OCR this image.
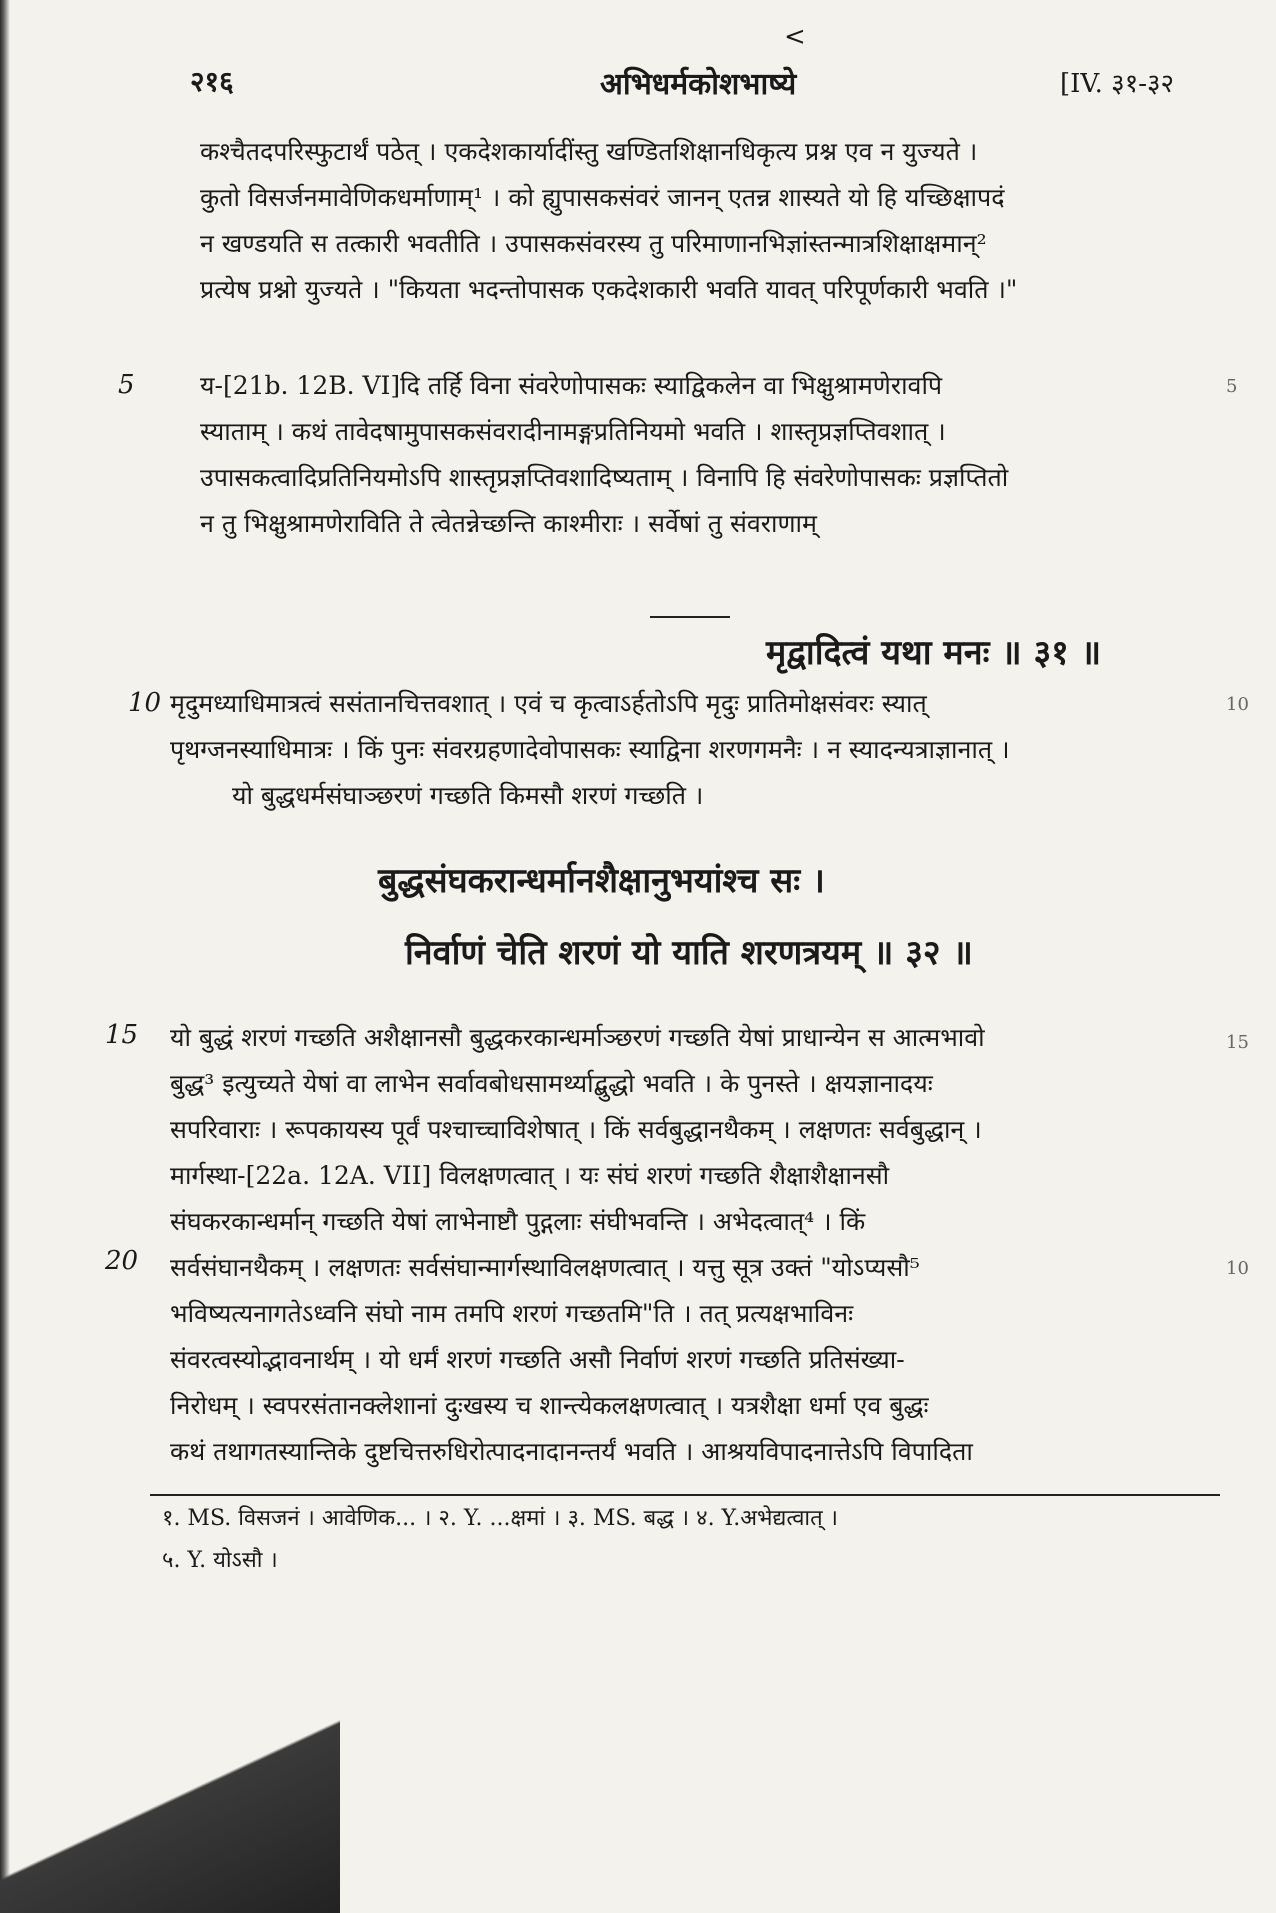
<
२१६	अभिधर्मकोशभाष्ये	[IV. ३१-३२
कश्चैतदपरिस्फुटार्थं पठेत् । एकदेशकार्यादींस्तु खण्डितशिक्षानधिकृत्य प्रश्न एव न युज्यते ।
कुतो विसर्जनमावेणिकधर्माणाम्¹ । को ह्युपासकसंवरं जानन् एतन्न शास्यते यो हि यच्छिक्षापदं
न खण्डयति स तत्कारी भवतीति । उपासकसंवरस्य तु परिमाणानभिज्ञांस्तन्मात्रशिक्षाक्षमान्²
प्रत्येष प्रश्नो युज्यते । "कियता भदन्तोपासक एकदेशकारी भवति यावत् परिपूर्णकारी भवति ।"
5	य-[21b. 12B. VI]दि तर्हि विना संवरेणोपासकः स्याद्विकलेन वा भिक्षुश्रामणेरावपि	5
स्याताम् । कथं तावेदषामुपासकसंवरादीनामङ्गप्रतिनियमो भवति । शास्तृप्रज्ञप्तिवशात् ।
उपासकत्वादिप्रतिनियमोऽपि शास्तृप्रज्ञप्तिवशादिष्यताम् । विनापि हि संवरेणोपासकः प्रज्ञप्तितो
न तु भिक्षुश्रामणेराविति ते त्वेतन्नेच्छन्ति काश्मीराः । सर्वेषां तु संवराणाम्
मृद्वादित्वं यथा मनः ॥ ३१ ॥
10 मृदुमध्याधिमात्रत्वं ससंतानचित्तवशात् । एवं च कृत्वाऽर्हतोऽपि मृदुः प्रातिमोक्षसंवरः स्यात्	10
पृथग्जनस्याधिमात्रः । किं पुनः संवरग्रहणादेवोपासकः स्याद्विना शरणगमनैः । न स्यादन्यत्राज्ञानात् ।
यो बुद्धधर्मसंघाञ्छरणं गच्छति किमसौ शरणं गच्छति ।
बुद्धसंघकरान्धर्मानशैक्षानुभयांश्च सः ।
निर्वाणं चेति शरणं यो याति शरणत्रयम् ॥ ३२ ॥
15 यो बुद्धं शरणं गच्छति अशैक्षानसौ बुद्धकरकान्धर्माञ्छरणं गच्छति येषां प्राधान्येन स आत्मभावो	15
बुद्ध³ इत्युच्यते येषां वा लाभेन सर्वावबोधसामर्थ्याद्बुद्धो भवति । के पुनस्ते । क्षयज्ञानादयः
सपरिवाराः । रूपकायस्य पूर्वं पश्चाच्चाविशेषात् । किं सर्वबुद्धानथैकम् । लक्षणतः सर्वबुद्धान् ।
मार्गस्था-[22a. 12A. VII] विलक्षणत्वात् । यः संघं शरणं गच्छति शैक्षाशैक्षानसौ
संघकरकान्धर्मान् गच्छति येषां लाभेनाष्टौ पुद्गलाः संघीभवन्ति । अभेदत्वात्⁴ । किं
20 सर्वसंघानथैकम् । लक्षणतः सर्वसंघान्मार्गस्थाविलक्षणत्वात् । यत्तु सूत्र उक्तं "योऽप्यसौ⁵	10
भविष्यत्यनागतेऽध्वनि संघो नाम तमपि शरणं गच्छतमि"ति । तत् प्रत्यक्षभाविनः
संवरत्वस्योद्भावनार्थम् । यो धर्मं शरणं गच्छति असौ निर्वाणं शरणं गच्छति प्रतिसंख्या-
निरोधम् । स्वपरसंतानक्लेशानां दुःखस्य च शान्त्येकलक्षणत्वात् । यत्रशैक्षा धर्मा एव बुद्धः
कथं तथागतस्यान्तिके दुष्टचित्तरुधिरोत्पादनादानन्तर्यं भवति । आश्रयविपादनात्तेऽपि विपादिता
१. MS. विसजनं । आवेणिक... । २. Y. ...क्षमां । ३. MS. बद्ध । ४. Y.अभेद्यत्वात् ।
५. Y. योऽसौ ।
